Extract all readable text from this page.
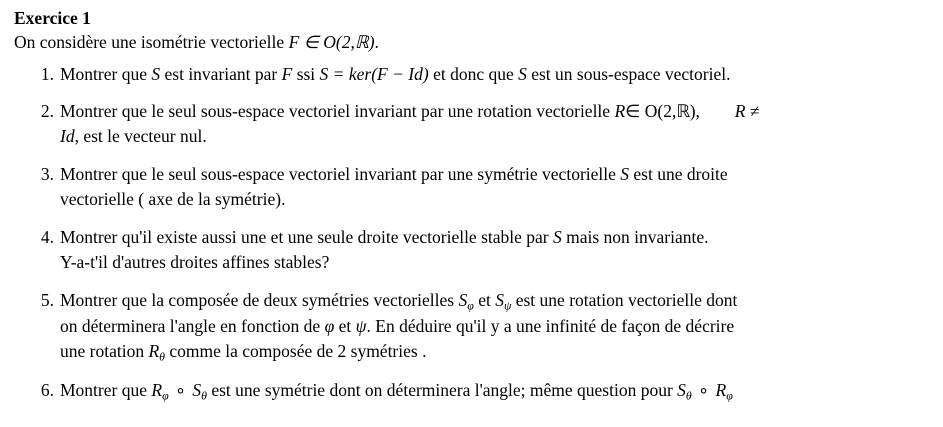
Exercice 1
On considère une isométrie vectorielle F ∈ O(2,ℝ).
1. Montrer que S est invariant par F ssi S = ker(F − Id) et donc que S est un sous-espace vectoriel.
2. Montrer que le seul sous-espace vectoriel invariant par une rotation vectorielle R∈ O(2,ℝ), R ≠
Id, est le vecteur nul.
3. Montrer que le seul sous-espace vectoriel invariant par une symétrie vectorielle S est une droite
vectorielle ( axe de la symétrie).
4. Montrer qu'il existe aussi une et une seule droite vectorielle stable par S mais non invariante.
Y-a-t'il d'autres droites affines stables?
5. Montrer que la composée de deux symétries vectorielles $S_\varphi$ et $S_\psi$ est une rotation vectorielle dont
on déterminera l'angle en fonction de φ et ψ. En déduire qu'il y a une infinité de façon de décrire
une rotation $R_\theta$ comme la composée de 2 symétries .
6. Montrer que $R_\varphi$ ∘ $S_\theta$ est une symétrie dont on déterminera l'angle; même question pour $S_\theta$ ∘ $R_\varphi$
